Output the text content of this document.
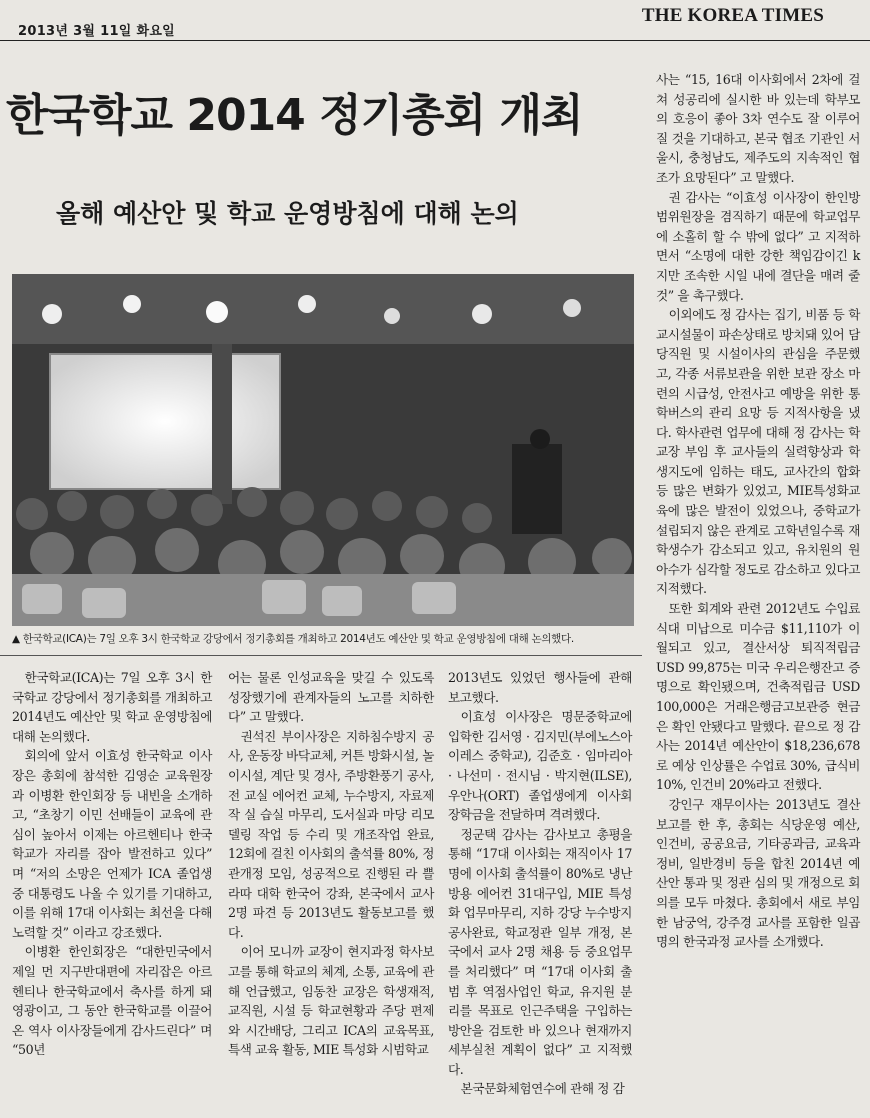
2013년 3월 11일 화요일
THE KOREA TIMES
한국학교 2014 정기총회 개최
올해 예산안 및 학교 운영방침에 대해 논의
▲ 한국학교(ICA)는 7일 오후 3시 한국학교 강당에서 정기총회를 개최하고 2014년도 예산안 및 학교 운영방침에 대해 논의했다.

한국학교(ICA)는 7일 오후 3시 한국학교 강당에서 정기총회를 개최하고 2014년도 예산안 및 학교 운영방침에 대해 논의했다.

회의에 앞서 이효성 한국학교 이사장은 총회에 참석한 김영순 교육원장과 이병환 한인회장 등 내빈을 소개하고, “초창기 이민 선배들이 교육에 관심이 높아서 이제는 아르헨티나 한국학교가 자리를 잡아 발전하고 있다” 며 “저의 소망은 언제가 ICA 졸업생 중 대통령도 나올 수 있기를 기대하고, 이를 위해 17대 이사회는 최선을 다해 노력할 것” 이라고 강조했다.

이병환 한인회장은 “대한민국에서 제일 먼 지구반대편에 자리잡은 아르헨티나 한국학교에서 축사를 하게 돼 영광이고, 그 동안 한국학교를 이끌어 온 역사 이사장들에게 감사드린다” 며 “50년

어는 물론 인성교육을 맞길 수 있도록 성장했기에 관계자들의 노고를 치하한다” 고 말했다.

권석진 부이사장은 지하침수방지 공사, 운동장 바닥교체, 커튼 방화시설, 놀이시설, 계단 및 경사, 주방환풍기 공사, 전 교실 에어컨 교체, 누수방지, 자료제작 실 습실 마무리, 도서실과 마당 리모델링 작업 등 수리 및 개조작업 완료, 12회에 걸친 이사회의 출석률 80%, 정관개정 모임, 성공적으로 진행된 라 쁠라따 대학 한국어 강좌, 본국에서 교사 2명 파견 등 2013년도 활동보고를 했다.

이어 모니까 교장이 현지과정 학사보고를 통해 학교의 체계, 소통, 교육에 관해 언급했고, 임동찬 교장은 학생재적, 교직원, 시설 등 학교현황과 주당 편제와 시간배당, 그리고 ICA의 교육목표, 특색 교육 활동, MIE 특성화 시범학교

2013년도 있었던 행사들에 관해 보고했다.

이효성 이사장은 명문중학교에 입학한 김서영 · 김지민(부에노스아이레스 중학교), 김준호 · 임마리아 · 나선미 · 전시님 · 박지현(ILSE), 우안나(ORT) 졸업생에게 이사회장학금을 전달하며 격려했다.

정군택 감사는 감사보고 총평을 통해 “17대 이사회는 재직이사 17명에 이사회 출석률이 80%로 냉난방용 에어컨 31대구입, MIE 특성화 업무마무리, 지하 강당 누수방지공사완료, 학교정관 일부 개정, 본국에서 교사 2명 채용 등 중요업무를 처리했다” 며 “17대 이사회 출범 후 역점사업인 학교, 유지원 분리를 목표로 인근주택을 구입하는 방안을 검토한 바 있으나 현재까지 세부실천 계획이 없다” 고 지적했다.

본국문화체험연수에 관해 정 감

사는 “15, 16대 이사회에서 2차에 걸쳐 성공리에 실시한 바 있는데 학부모의 호응이 좋아 3차 연수도 잘 이루어 질 것을 기대하고, 본국 협조 기관인 서울시, 충청남도, 제주도의 지속적인 협조가 요망된다” 고 말했다.

권 감사는 “이효성 이사장이 한인방범위원장을 겸직하기 때문에 학교업무에 소홀히 할 수 밖에 없다” 고 지적하면서 “소명에 대한 강한 책임감이긴 k지만 조속한 시일 내에 결단을 매려 줄 것” 을 촉구했다.

이외에도 정 감사는 집기, 비품 등 학교시설물이 파손상태로 방치돼 있어 담당직원 및 시설이사의 관심을 주문했고, 각종 서류보관을 위한 보관 장소 마련의 시급성, 안전사고 예방을 위한 통학버스의 관리 요망 등 지적사항을 냈다. 학사관련 업무에 대해 정 감사는 학교장 부임 후 교사들의 실력향상과 학생지도에 임하는 태도, 교사간의 합화 등 많은 변화가 있었고, MIE특성화교육에 많은 발전이 있었으나, 중학교가 설립되지 않은 관계로 고학년일수록 재학생수가 감소되고 있고, 유치원의 원아수가 심각할 정도로 감소하고 있다고 지적했다.

또한 회계와 관련 2012년도 수입료 식대 미납으로 미수금 $11,110가 이월되고 있고, 결산서상 퇴직적립금 USD 99,875는 미국 우리은행잔고 증명으로 확인됐으며, 건축적립금 USD 100,000은 거래은행금고보관증 현금은 확인 안됐다고 말했다. 끝으로 정 감사는 2014년 예산안이 $18,236,678로 예상 인상률은 수업료 30%, 급식비 10%, 인건비 20%라고 전했다.

강인구 재무이사는 2013년도 결산보고를 한 후, 총회는 식당운영 예산, 인건비, 공공요금, 기타공과금, 교육과정비, 일반경비 등을 합친 2014년 예산안 통과 및 정관 심의 및 개정으로 회의를 모두 마쳤다. 총회에서 새로 부임한 남궁억, 강주경 교사를 포함한 일곱 명의 한국과정 교사를 소개했다.
